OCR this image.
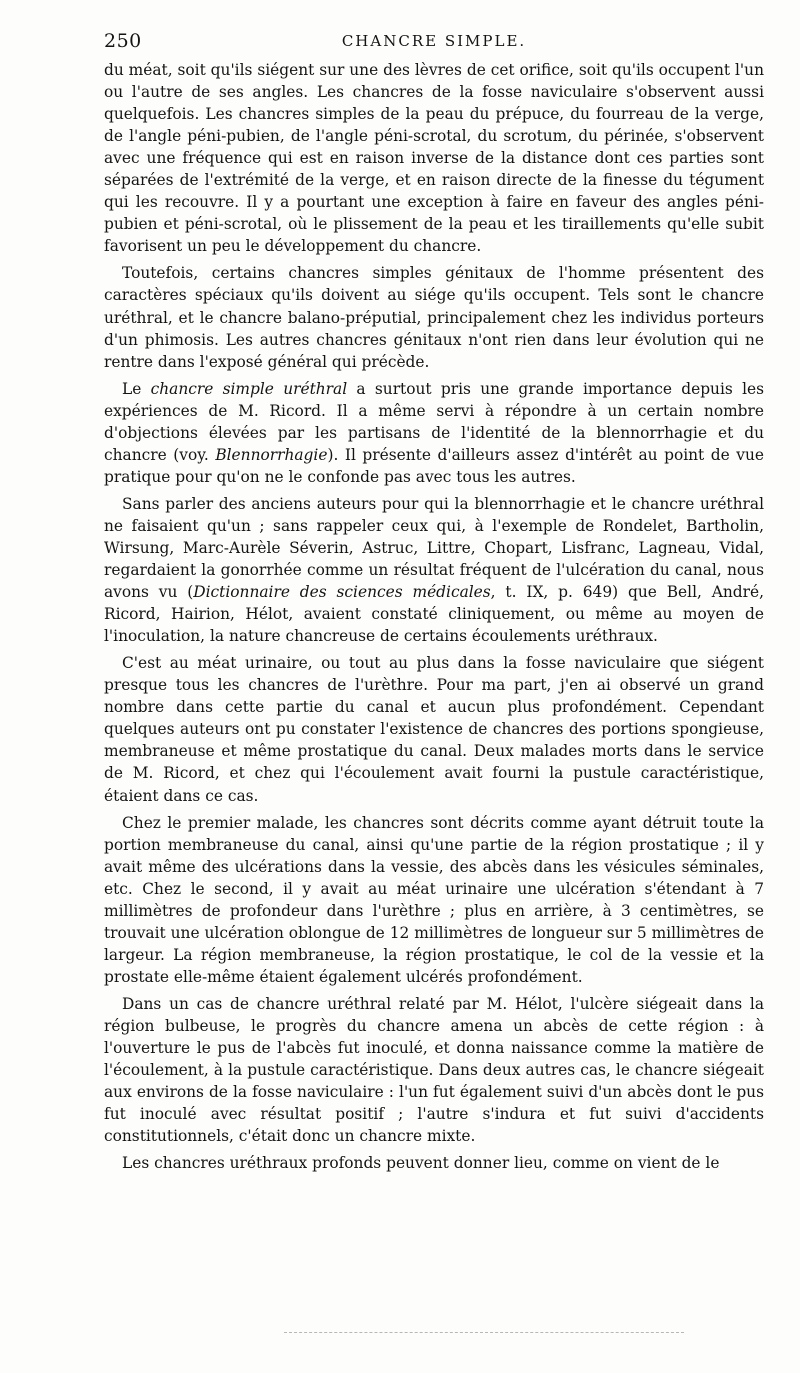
250	CHANCRE SIMPLE.

du méat, soit qu'ils siégent sur une des lèvres de cet orifice, soit qu'ils occupent l'un ou l'autre de ses angles. Les chancres de la fosse naviculaire s'observent aussi quelquefois. Les chancres simples de la peau du prépuce, du fourreau de la verge, de l'angle péni-pubien, de l'angle péni-scrotal, du scrotum, du périnée, s'observent avec une fréquence qui est en raison inverse de la distance dont ces parties sont séparées de l'extrémité de la verge, et en raison directe de la finesse du tégument qui les recouvre. Il y a pourtant une exception à faire en faveur des angles péni-pubien et péni-scrotal, où le plissement de la peau et les tiraillements qu'elle subit favorisent un peu le développement du chancre.

Toutefois, certains chancres simples génitaux de l'homme présentent des caractères spéciaux qu'ils doivent au siége qu'ils occupent. Tels sont le chancre uréthral, et le chancre balano-préputial, principalement chez les individus porteurs d'un phimosis. Les autres chancres génitaux n'ont rien dans leur évolution qui ne rentre dans l'exposé général qui précède.

Le chancre simple uréthral a surtout pris une grande importance depuis les expériences de M. Ricord. Il a même servi à répondre à un certain nombre d'objections élevées par les partisans de l'identité de la blennorrhagie et du chancre (voy. Blennorrhagie). Il présente d'ailleurs assez d'intérêt au point de vue pratique pour qu'on ne le confonde pas avec tous les autres.

Sans parler des anciens auteurs pour qui la blennorrhagie et le chancre uréthral ne faisaient qu'un ; sans rappeler ceux qui, à l'exemple de Rondelet, Bartholin, Wirsung, Marc-Aurèle Séverin, Astruc, Littre, Chopart, Lisfranc, Lagneau, Vidal, regardaient la gonorrhée comme un résultat fréquent de l'ulcération du canal, nous avons vu (Dictionnaire des sciences médicales, t. IX, p. 649) que Bell, André, Ricord, Hairion, Hélot, avaient constaté cliniquement, ou même au moyen de l'inoculation, la nature chancreuse de certains écoulements uréthraux.

C'est au méat urinaire, ou tout au plus dans la fosse naviculaire que siégent presque tous les chancres de l'urèthre. Pour ma part, j'en ai observé un grand nombre dans cette partie du canal et aucun plus profondément. Cependant quelques auteurs ont pu constater l'existence de chancres des portions spongieuse, membraneuse et même prostatique du canal. Deux malades morts dans le service de M. Ricord, et chez qui l'écoulement avait fourni la pustule caractéristique, étaient dans ce cas.

Chez le premier malade, les chancres sont décrits comme ayant détruit toute la portion membraneuse du canal, ainsi qu'une partie de la région prostatique ; il y avait même des ulcérations dans la vessie, des abcès dans les vésicules séminales, etc. Chez le second, il y avait au méat urinaire une ulcération s'étendant à 7 millimètres de profondeur dans l'urèthre ; plus en arrière, à 3 centimètres, se trouvait une ulcération oblongue de 12 millimètres de longueur sur 5 millimètres de largeur. La région membraneuse, la région prostatique, le col de la vessie et la prostate elle-même étaient également ulcérés profondément.

Dans un cas de chancre uréthral relaté par M. Hélot, l'ulcère siégeait dans la région bulbeuse, le progrès du chancre amena un abcès de cette région : à l'ouverture le pus de l'abcès fut inoculé, et donna naissance comme la matière de l'écoulement, à la pustule caractéristique. Dans deux autres cas, le chancre siégeait aux environs de la fosse naviculaire : l'un fut également suivi d'un abcès dont le pus fut inoculé avec résultat positif ; l'autre s'indura et fut suivi d'accidents constitutionnels, c'était donc un chancre mixte.

Les chancres uréthraux profonds peuvent donner lieu, comme on vient de le
